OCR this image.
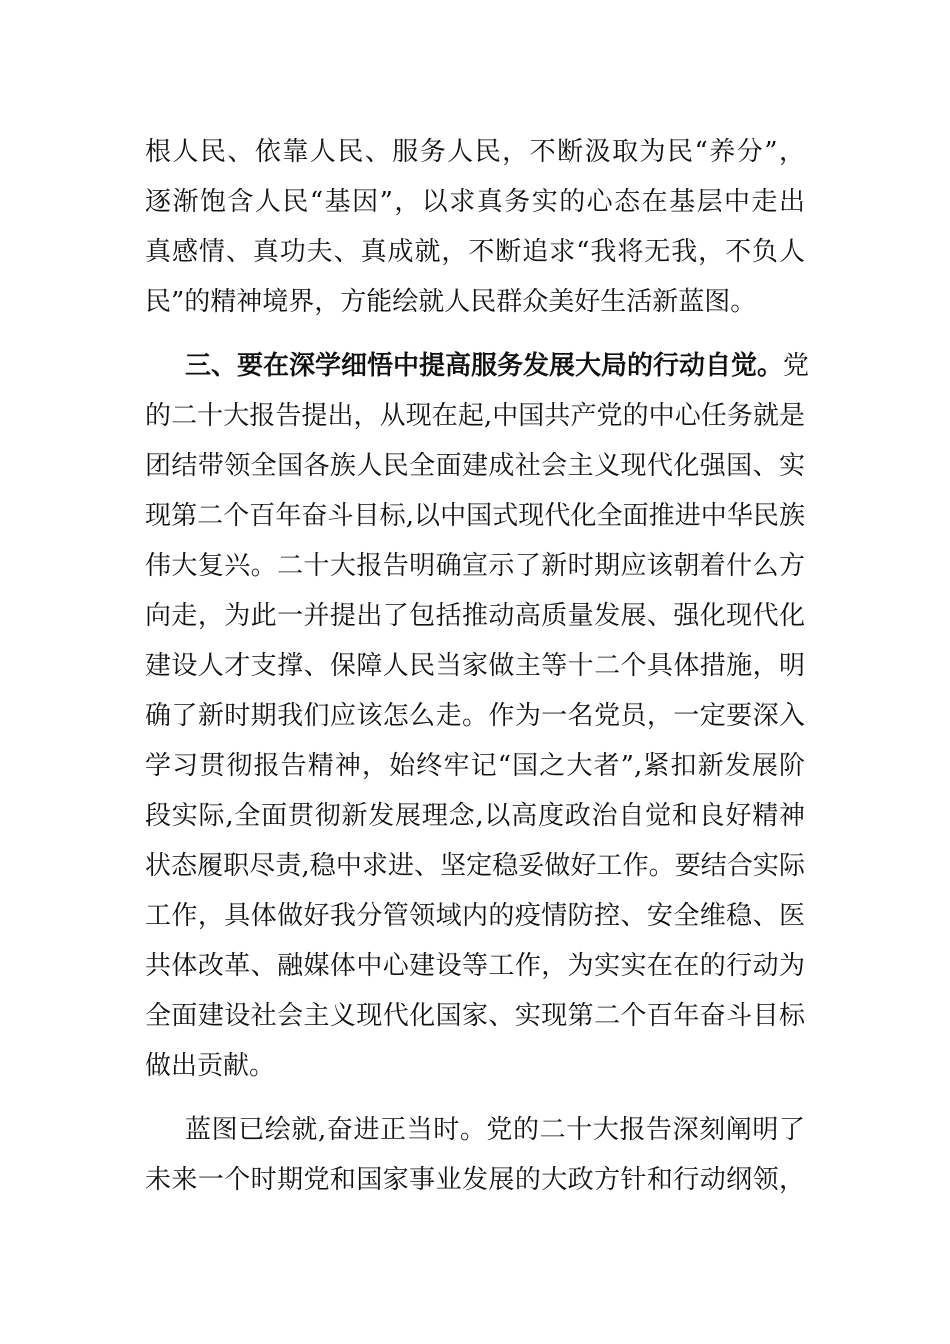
根人民、依靠人民、服务人民，不断汲取为民“养分”，
逐渐饱含人民“基因”，以求真务实的心态在基层中走出
真感情、真功夫、真成就，不断追求“我将无我，不负人
民”的精神境界，方能绘就人民群众美好生活新蓝图。
三、要在深学细悟中提高服务发展大局的行动自觉。党
的二十大报告提出，从现在起,中国共产党的中心任务就是
团结带领全国各族人民全面建成社会主义现代化强国、实
现第二个百年奋斗目标,以中国式现代化全面推进中华民族
伟大复兴。二十大报告明确宣示了新时期应该朝着什么方
向走，为此一并提出了包括推动高质量发展、强化现代化
建设人才支撑、保障人民当家做主等十二个具体措施，明
确了新时期我们应该怎么走。作为一名党员，一定要深入
学习贯彻报告精神，始终牢记“国之大者”,紧扣新发展阶
段实际,全面贯彻新发展理念,以高度政治自觉和良好精神
状态履职尽责,稳中求进、坚定稳妥做好工作。要结合实际
工作，具体做好我分管领域内的疫情防控、安全维稳、医
共体改革、融媒体中心建设等工作，为实实在在的行动为
全面建设社会主义现代化国家、实现第二个百年奋斗目标
做出贡献。
蓝图已绘就,奋进正当时。党的二十大报告深刻阐明了
未来一个时期党和国家事业发展的大政方针和行动纲领，
